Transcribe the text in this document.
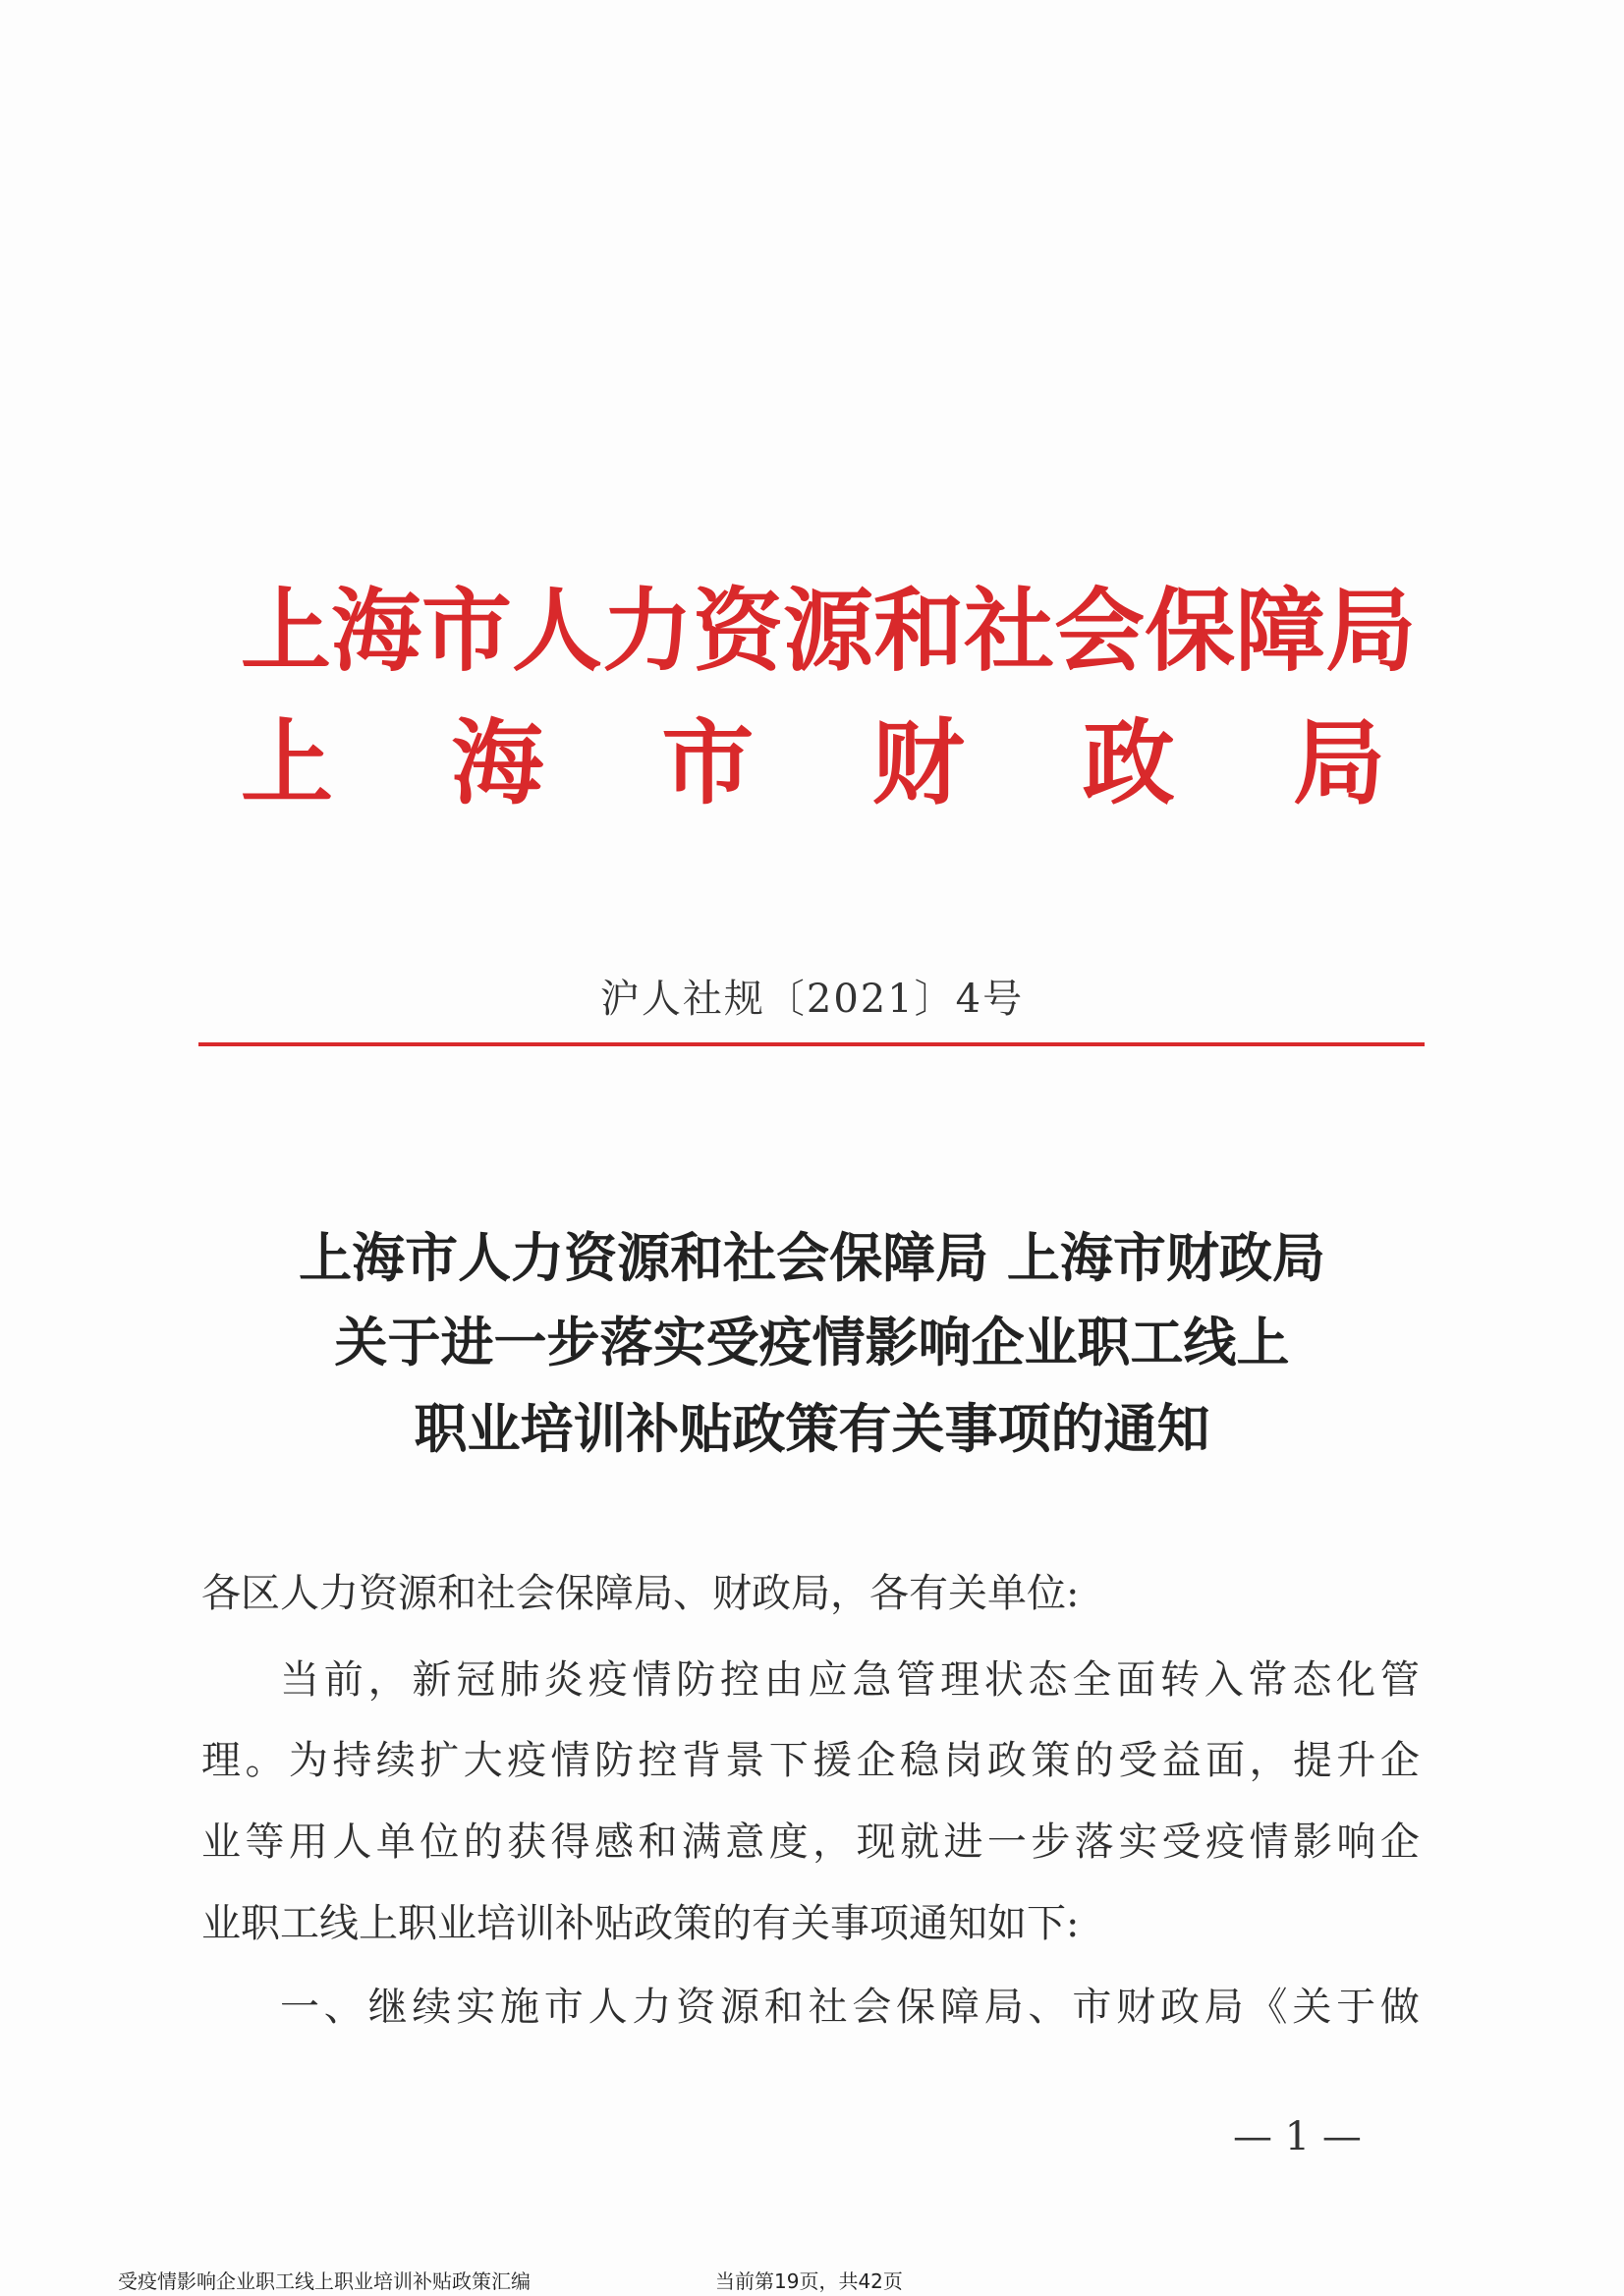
上 海 市 人 力 资 源 和 社 会 保 障 局
上 海 市 财 政 局
沪人社规〔2021〕4号
上海市人力资源和社会保障局 上海市财政局
关于进一步落实受疫情影响企业职工线上
职业培训补贴政策有关事项的通知
各区人力资源和社会保障局、财政局，各有关单位:
当 前 ， 新 冠 肺 炎 疫 情 防 控 由 应 急 管 理 状 态 全 面 转 入 常 态 化 管
理 。 为 持 续 扩 大 疫 情 防 控 背 景 下 援 企 稳 岗 政 策 的 受 益 面 ， 提 升 企
业 等 用 人 单 位 的 获 得 感 和 满 意 度 ， 现 就 进 一 步 落 实 受 疫 情 影 响 企
业职工线上职业培训补贴政策的有关事项通知如下:
一 、 继 续 实 施 市 人 力 资 源 和 社 会 保 障 局 、 市 财 政 局 《 关 于 做
— 1 —
受疫情影响企业职工线上职业培训补贴政策汇编	当前第19页，共42页
